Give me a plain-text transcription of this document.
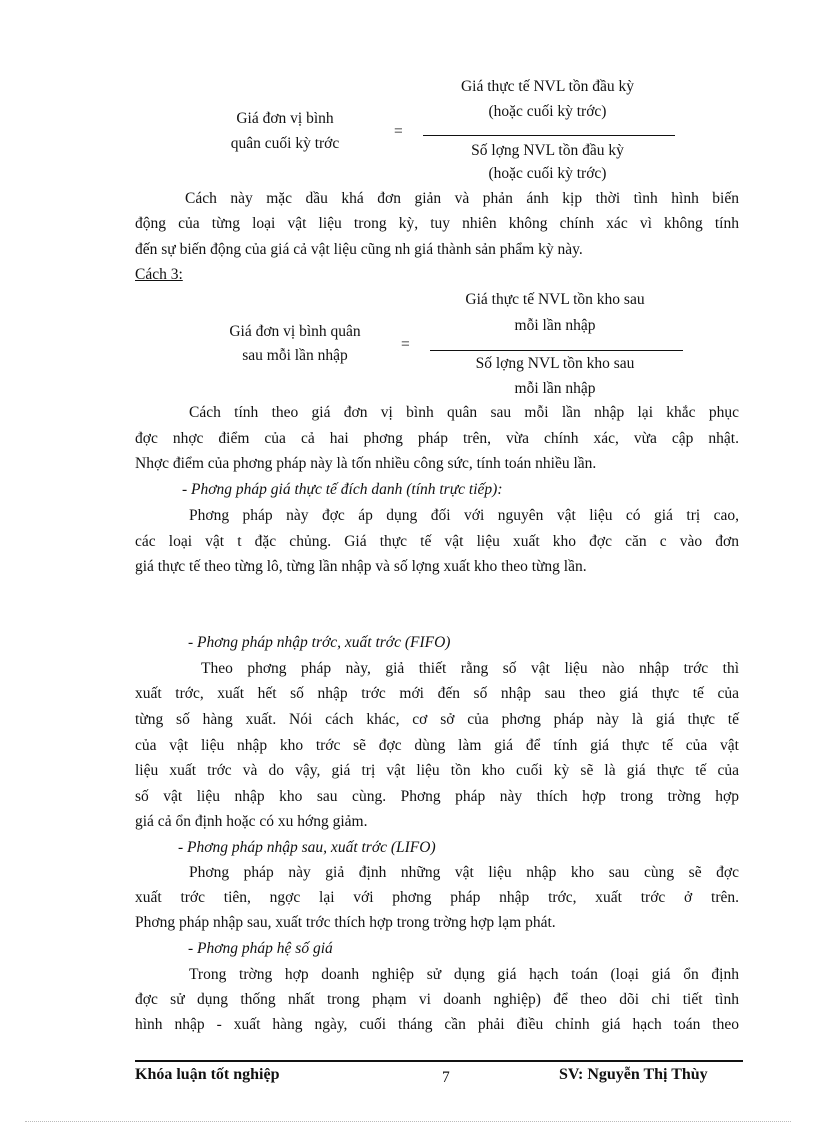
Giá đơn vị bình
quân cuối kỳ trớc
=
Giá thực tế NVL tồn đầu kỳ
(hoặc cuối kỳ trớc)
Số lợng NVL tồn đầu kỳ
(hoặc cuối kỳ trớc)
Cách này mặc dầu khá đơn giản và phản ánh kịp thời tình hình biến
động của từng loại vật liệu trong kỳ, tuy nhiên không chính xác vì không tính
đến sự biến động của giá cả vật liệu cũng nh giá thành sản phẩm kỳ này.
Cách 3:
Giá đơn vị bình quân
sau mỗi lần nhập
=
Giá thực tế NVL tồn kho sau
mỗi lần nhập
Số lợng NVL tồn kho sau
mỗi lần nhập
Cách tính theo giá đơn vị bình quân sau mỗi lần nhập lại khắc phục
đợc nhợc điểm của cả hai phơng pháp trên, vừa chính xác, vừa cập nhật.
Nhợc điểm của phơng pháp này là tốn nhiều công sức, tính toán nhiều lần.
- Phơng pháp giá thực tế đích danh (tính trực tiếp):
Phơng pháp này đợc áp dụng đối với nguyên vật liệu có giá trị cao,
các loại vật t đặc chủng. Giá thực tế vật liệu xuất kho đợc căn c vào đơn
giá thực tế theo từng lô, từng lần nhập và số lợng xuất kho theo từng lần.
- Phơng pháp nhập trớc, xuất trớc (FIFO)
Theo phơng pháp này, giả thiết rằng số vật liệu nào nhập trớc thì
xuất trớc, xuất hết số nhập trớc mới đến số nhập sau theo giá thực tế của
từng số hàng xuất. Nói cách khác, cơ sở của phơng pháp này là giá thực tế
của vật liệu nhập kho trớc sẽ đợc dùng làm giá để tính giá thực tế của vật
liệu xuất trớc và do vậy, giá trị vật liệu tồn kho cuối kỳ sẽ là giá thực tế của
số vật liệu nhập kho sau cùng. Phơng pháp này thích hợp trong trờng hợp
giá cả ổn định hoặc có xu hớng giảm.
- Phơng pháp nhập sau, xuất trớc (LIFO)
Phơng pháp này giả định những vật liệu nhập kho sau cùng sẽ đợc
xuất trớc tiên, ngợc lại với phơng pháp nhập trớc, xuất trớc ở trên.
Phơng pháp nhập sau, xuất trớc thích hợp trong trờng hợp lạm phát.
- Phơng pháp hệ số giá
Trong trờng hợp doanh nghiệp sử dụng giá hạch toán (loại giá ổn định
đợc sử dụng thống nhất trong phạm vi doanh nghiệp) để theo dõi chi tiết tình
hình nhập - xuất hàng ngày, cuối tháng cần phải điều chỉnh giá hạch toán theo
Khóa luận tốt nghiệp	7	SV: Nguyễn Thị Thùy
